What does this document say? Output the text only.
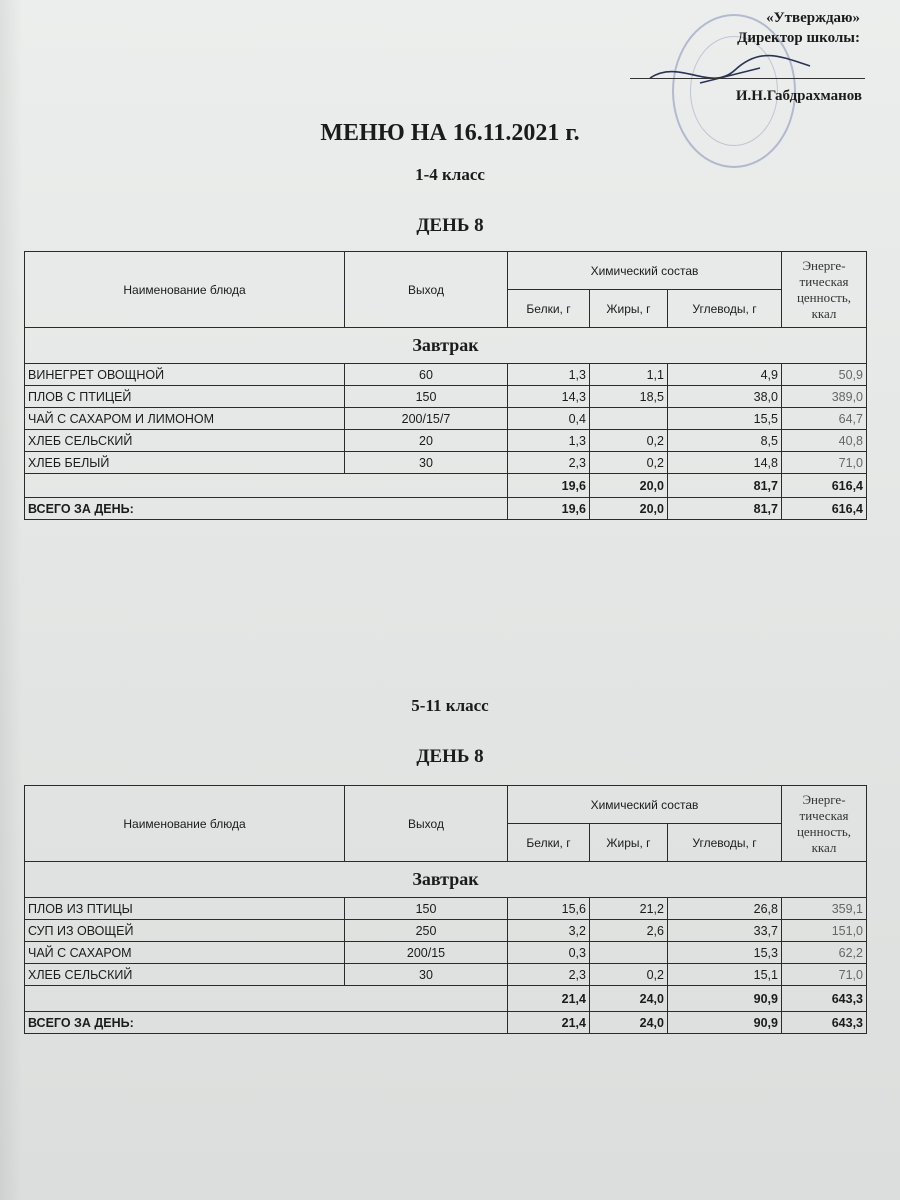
«Утверждаю»
Директор школы:
И.Н.Габдрахманов
МЕНЮ НА 16.11.2021 г.
1-4 класс
ДЕНЬ 8
Наименование блюда	Выход	Химический состав			Энерге-тическая ценность, ккал
		Белки, г	Жиры, г	Углеводы, г	
Завтрак					
ВИНЕГРЕТ ОВОЩНОЙ	60	1,3	1,1	4,9	50,9
ПЛОВ С ПТИЦЕЙ	150	14,3	18,5	38,0	389,0
ЧАЙ С САХАРОМ И ЛИМОНОМ	200/15/7	0,4		15,5	64,7
ХЛЕБ СЕЛЬСКИЙ	20	1,3	0,2	8,5	40,8
ХЛЕБ БЕЛЫЙ	30	2,3	0,2	14,8	71,0
		19,6	20,0	81,7	616,4
ВСЕГО ЗА ДЕНЬ:		19,6	20,0	81,7	616,4
5-11 класс
ДЕНЬ 8
Наименование блюда	Выход	Химический состав			Энерге-тическая ценность, ккал
		Белки, г	Жиры, г	Углеводы, г	
Завтрак					
ПЛОВ ИЗ ПТИЦЫ	150	15,6	21,2	26,8	359,1
СУП ИЗ ОВОЩЕЙ	250	3,2	2,6	33,7	151,0
ЧАЙ С САХАРОМ	200/15	0,3		15,3	62,2
ХЛЕБ СЕЛЬСКИЙ	30	2,3	0,2	15,1	71,0
		21,4	24,0	90,9	643,3
ВСЕГО ЗА ДЕНЬ:		21,4	24,0	90,9	643,3
